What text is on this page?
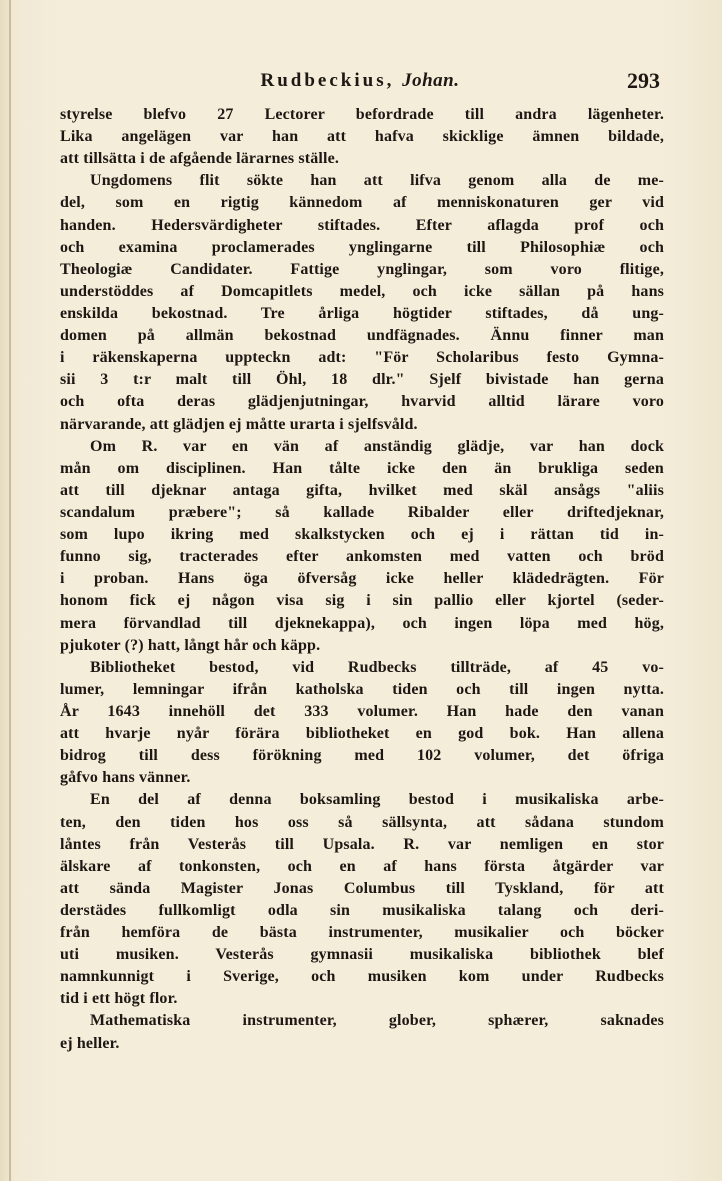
Rudbeckius, Johan.	293
styrelse blefvo 27 Lectorer befordrade till andra lägenheter.
Lika angelägen var han att hafva skicklige ämnen bildade,
att tillsätta i de afgående lärarnes ställe.
Ungdomens flit sökte han att lifva genom alla de me-
del, som en rigtig kännedom af menniskonaturen ger vid
handen. Hedersvärdigheter stiftades. Efter aflagda prof och
och examina proclamerades ynglingarne till Philosophiæ och
Theologiæ Candidater. Fattige ynglingar, som voro flitige,
understöddes af Domcapitlets medel, och icke sällan på hans
enskilda bekostnad. Tre årliga högtider stiftades, då ung-
domen på allmän bekostnad undfägnades. Ännu finner man
i räkenskaperna uppteckn adt: "För Scholaribus festo Gymna-
sii 3 t:r malt till Öhl, 18 dlr." Sjelf bivistade han gerna
och ofta deras glädjenjutningar, hvarvid alltid lärare voro
närvarande, att glädjen ej måtte urarta i sjelfsvåld.
Om R. var en vän af anständig glädje, var han dock
mån om disciplinen. Han tålte icke den än brukliga seden
att till djeknar antaga gifta, hvilket med skäl ansågs "aliis
scandalum præbere"; så kallade Ribalder eller driftedjeknar,
som lupo ikring med skalkstycken och ej i rättan tid in-
funno sig, tracterades efter ankomsten med vatten och bröd
i proban. Hans öga öfversåg icke heller klädedrägten. För
honom fick ej någon visa sig i sin pallio eller kjortel (seder-
mera förvandlad till djeknekappa), och ingen löpa med hög,
pjukoter (?) hatt, långt hår och käpp.
Bibliotheket bestod, vid Rudbecks tillträde, af 45 vo-
lumer, lemningar ifrån katholska tiden och till ingen nytta.
År 1643 innehöll det 333 volumer. Han hade den vanan
att hvarje nyår förära bibliotheket en god bok. Han allena
bidrog till dess förökning med 102 volumer, det öfriga
gåfvo hans vänner.
En del af denna boksamling bestod i musikaliska arbe-
ten, den tiden hos oss så sällsynta, att sådana stundom
låntes från Vesterås till Upsala. R. var nemligen en stor
älskare af tonkonsten, och en af hans första åtgärder var
att sända Magister Jonas Columbus till Tyskland, för att
derstädes fullkomligt odla sin musikaliska talang och deri-
från hemföra de bästa instrumenter, musikalier och böcker
uti musiken. Vesterås gymnasii musikaliska bibliothek blef
namnkunnigt i Sverige, och musiken kom under Rudbecks
tid i ett högt flor.
Mathematiska instrumenter, glober, sphærer, saknades
ej heller.
